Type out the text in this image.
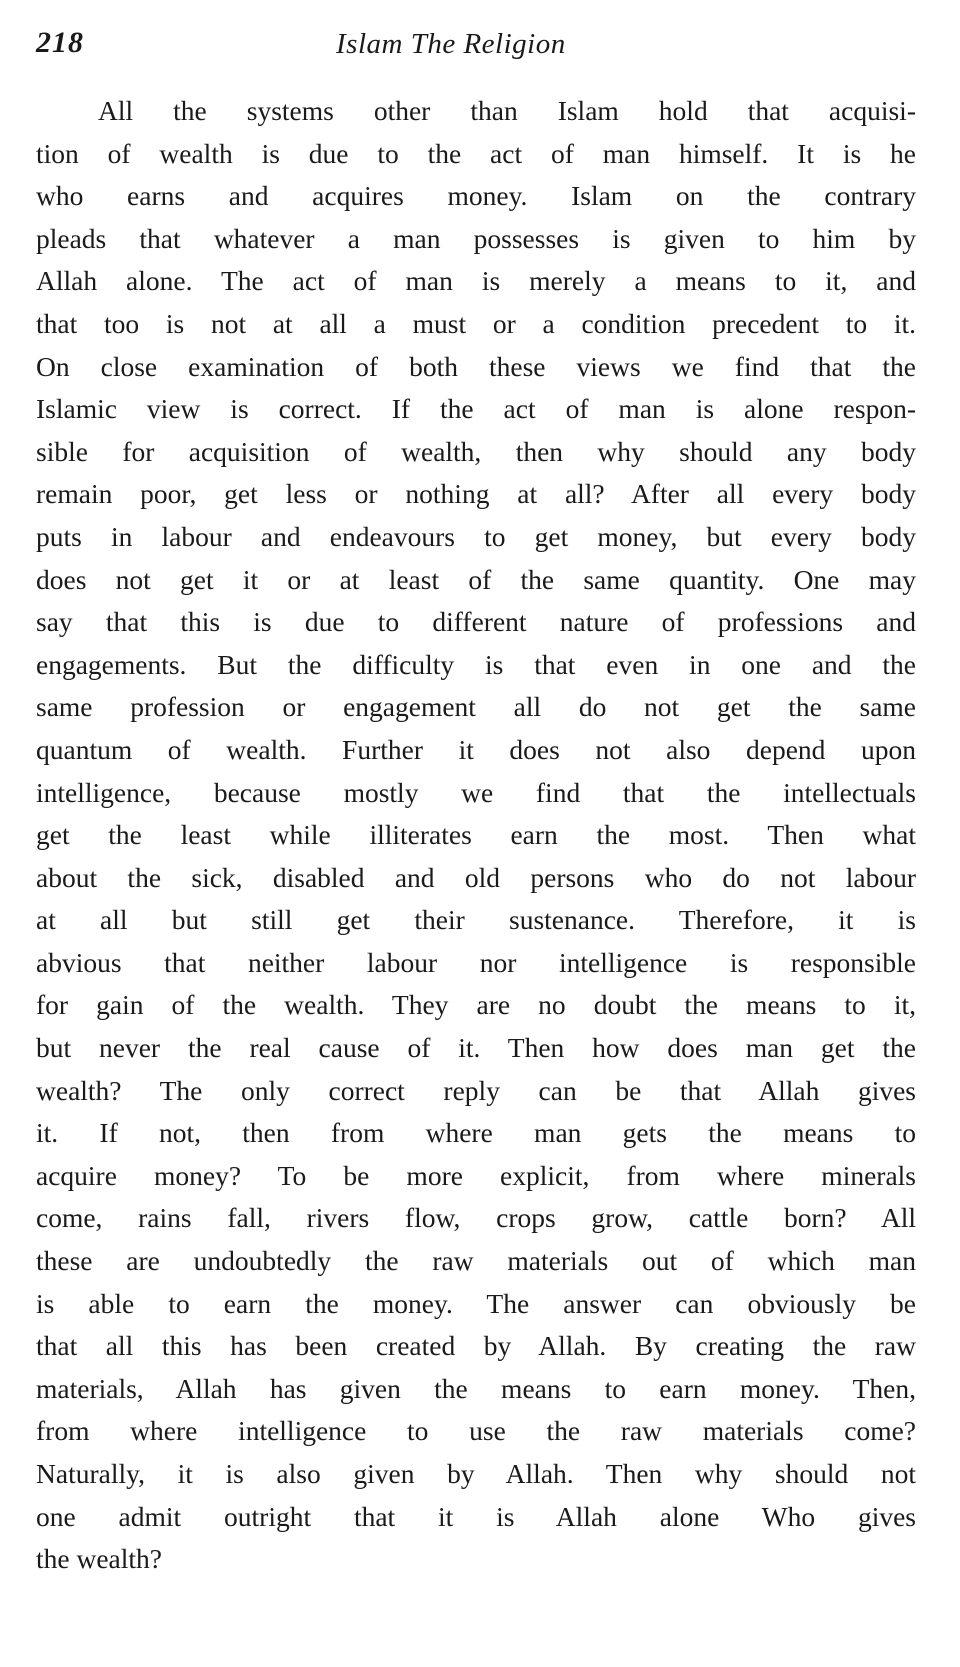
218	Islam The Religion
All the systems other than Islam hold that acquisi-
tion of wealth is due to the act of man himself. It is he
who earns and acquires money. Islam on the contrary
pleads that whatever a man possesses is given to him by
Allah alone. The act of man is merely a means to it, and
that too is not at all a must or a condition precedent to it.
On close examination of both these views we find that the
Islamic view is correct. If the act of man is alone respon-
sible for acquisition of wealth, then why should any body
remain poor, get less or nothing at all? After all every body
puts in labour and endeavours to get money, but every body
does not get it or at least of the same quantity. One may
say that this is due to different nature of professions and
engagements. But the difficulty is that even in one and the
same profession or engagement all do not get the same
quantum of wealth. Further it does not also depend upon
intelligence, because mostly we find that the intellectuals
get the least while illiterates earn the most. Then what
about the sick, disabled and old persons who do not labour
at all but still get their sustenance. Therefore, it is
abvious that neither labour nor intelligence is responsible
for gain of the wealth. They are no doubt the means to it,
but never the real cause of it. Then how does man get the
wealth? The only correct reply can be that Allah gives
it. If not, then from where man gets the means to
acquire money? To be more explicit, from where minerals
come, rains fall, rivers flow, crops grow, cattle born? All
these are undoubtedly the raw materials out of which man
is able to earn the money. The answer can obviously be
that all this has been created by Allah. By creating the raw
materials, Allah has given the means to earn money. Then,
from where intelligence to use the raw materials come?
Naturally, it is also given by Allah. Then why should not
one admit outright that it is Allah alone Who gives
the wealth?
